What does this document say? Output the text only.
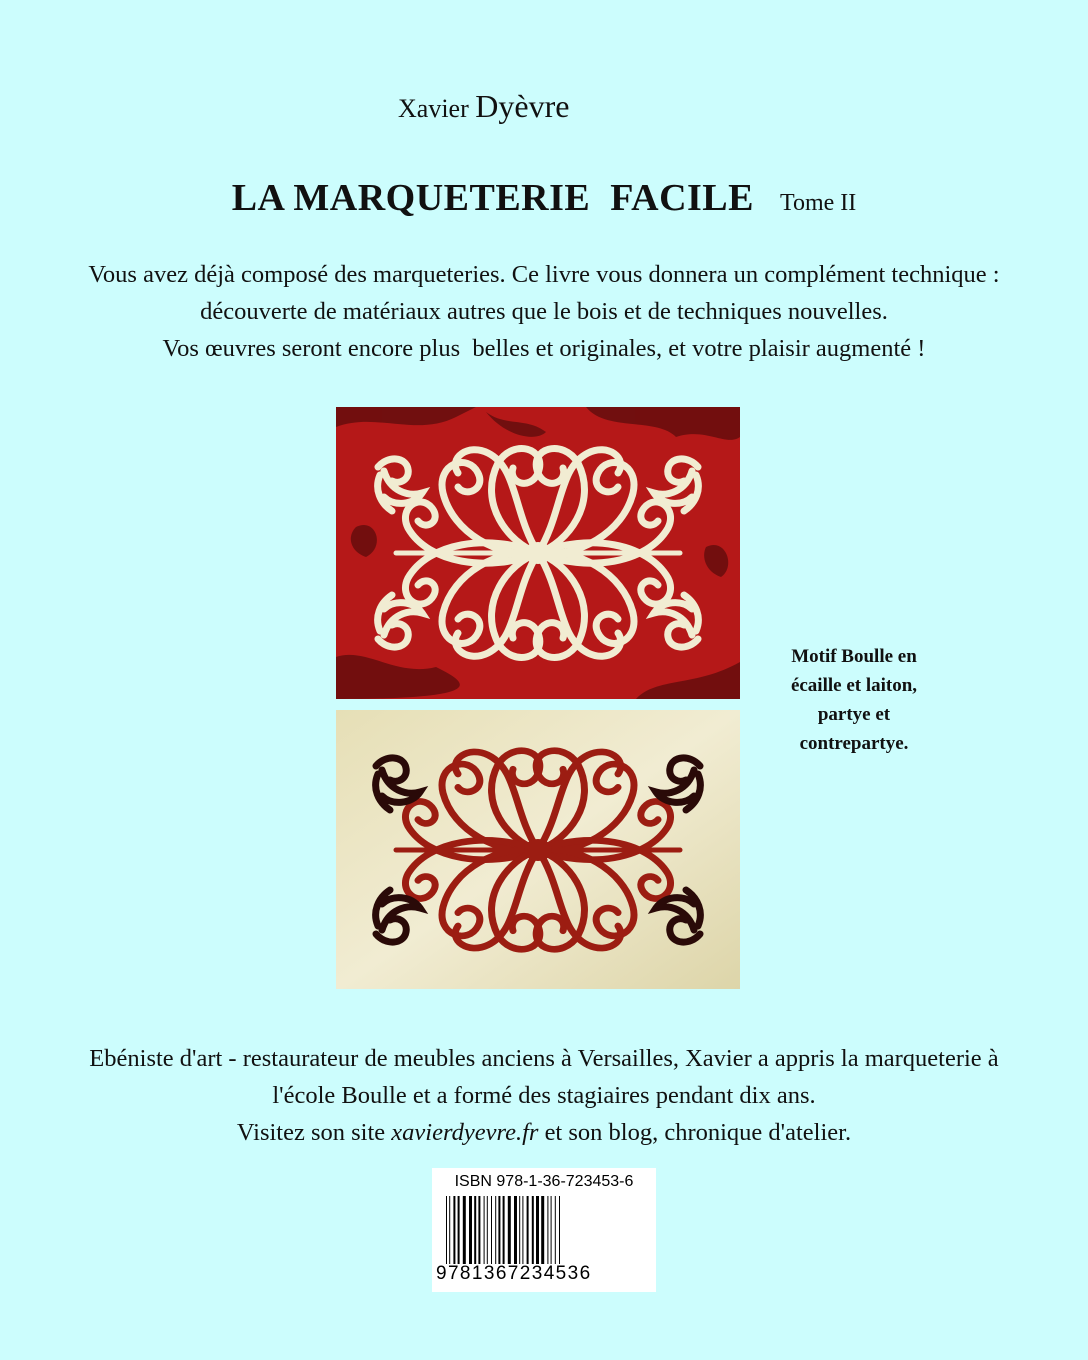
Xavier Dyèvre
LA MARQUETERIE  FACILE Tome II

Vous avez déjà composé des marqueteries. Ce livre vous donnera un complément technique :

découverte de matériaux autres que le bois et de techniques nouvelles.

Vos œuvres seront encore plus  belles et originales, et votre plaisir augmenté !

Motif Boulle en

écaille et laiton,

partye et

contrepartye.

Ebéniste d'art - restaurateur de meubles anciens à Versailles, Xavier a appris la marqueterie à

l'école Boulle et a formé des stagiaires pendant dix ans.

Visitez son site xavierdyevre.fr et son blog, chronique d'atelier.

ISBN 978-1-36-723453-6
9781367234536
